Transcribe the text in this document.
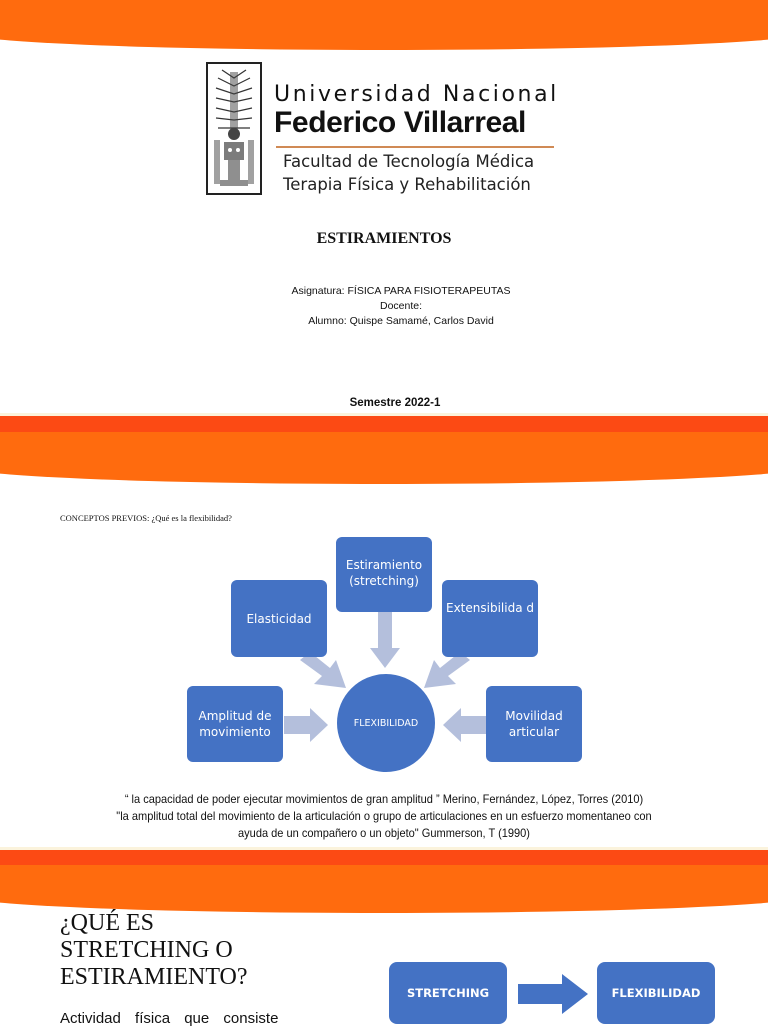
Universidad Nacional
Federico Villarreal
Facultad de Tecnología Médica
Terapia Física y Rehabilitación
ESTIRAMIENTOS
Asignatura: FÍSICA PARA FISIOTERAPEUTAS
Docente:
Alumno: Quispe Samamé, Carlos David
Semestre 2022-1
CONCEPTOS PREVIOS: ¿Qué es la flexibilidad?
Estiramiento (stretching)
Elasticidad
Extensibilida d
Amplitud de movimiento
Movilidad articular
FLEXIBILIDAD
“ la capacidad de poder ejecutar movimientos de gran amplitud ” Merino, Fernández, López, Torres (2010)
"la amplitud total del movimiento de la articulación o grupo de articulaciones en un esfuerzo momentaneo con
ayuda de un compañero o un objeto" Gummerson, T (1990)
¿QUÉ ES
STRETCHING O
ESTIRAMIENTO?
Actividad física que consiste
STRETCHING	FLEXIBILIDAD
